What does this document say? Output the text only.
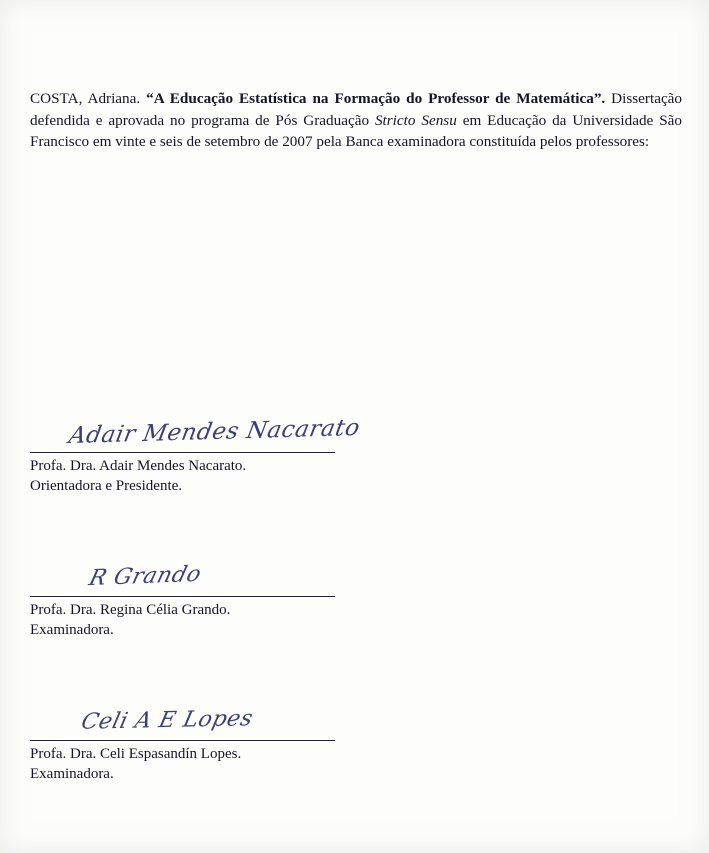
COSTA, Adriana. “A Educação Estatística na Formação do Professor de Matemática”. Dissertação defendida e aprovada no programa de Pós Graduação Stricto Sensu em Educação da Universidade São Francisco em vinte e seis de setembro de 2007 pela Banca examinadora constituída pelos professores:

Adair Mendes Nacarato

Profa. Dra. Adair Mendes Nacarato.

Orientadora e Presidente.

R Grando

Profa. Dra. Regina Célia Grando.

Examinadora.

Celi A E Lopes

Profa. Dra. Celi Espasandín Lopes.

Examinadora.
